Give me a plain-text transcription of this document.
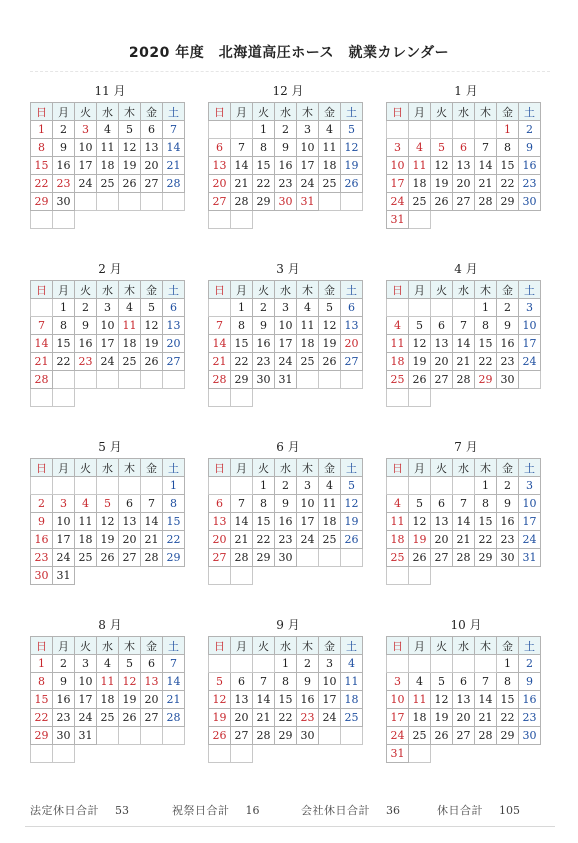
2020 年度　北海道高圧ホース　就業カレンダー
11 月
日	月	火	水	木	金	土
1	2	3	4	5	6	7
8	9	10	11	12	13	14
15	16	17	18	19	20	21
22	23	24	25	26	27	28
29	30					

12 月
日	月	火	水	木	金	土
		1	2	3	4	5
6	7	8	9	10	11	12
13	14	15	16	17	18	19
20	21	22	23	24	25	26
27	28	29	30	31		

1 月
日	月	火	水	木	金	土
					1	2
3	4	5	6	7	8	9
10	11	12	13	14	15	16
17	18	19	20	21	22	23
24	25	26	27	28	29	30
31						
2 月
日	月	火	水	木	金	土
	1	2	3	4	5	6
7	8	9	10	11	12	13
14	15	16	17	18	19	20
21	22	23	24	25	26	27
28						

3 月
日	月	火	水	木	金	土
	1	2	3	4	5	6
7	8	9	10	11	12	13
14	15	16	17	18	19	20
21	22	23	24	25	26	27
28	29	30	31			

4 月
日	月	火	水	木	金	土
				1	2	3
4	5	6	7	8	9	10
11	12	13	14	15	16	17
18	19	20	21	22	23	24
25	26	27	28	29	30	

5 月
日	月	火	水	木	金	土
						1
2	3	4	5	6	7	8
9	10	11	12	13	14	15
16	17	18	19	20	21	22
23	24	25	26	27	28	29
30	31					
6 月
日	月	火	水	木	金	土
		1	2	3	4	5
6	7	8	9	10	11	12
13	14	15	16	17	18	19
20	21	22	23	24	25	26
27	28	29	30			

7 月
日	月	火	水	木	金	土
				1	2	3
4	5	6	7	8	9	10
11	12	13	14	15	16	17
18	19	20	21	22	23	24
25	26	27	28	29	30	31

8 月
日	月	火	水	木	金	土
1	2	3	4	5	6	7
8	9	10	11	12	13	14
15	16	17	18	19	20	21
22	23	24	25	26	27	28
29	30	31				

9 月
日	月	火	水	木	金	土
			1	2	3	4
5	6	7	8	9	10	11
12	13	14	15	16	17	18
19	20	21	22	23	24	25
26	27	28	29	30		

10 月
日	月	火	水	木	金	土
					1	2
3	4	5	6	7	8	9
10	11	12	13	14	15	16
17	18	19	20	21	22	23
24	25	26	27	28	29	30
31						
法定休日合計 53	祝祭日合計 16	会社休日合計 36	休日合計 105
